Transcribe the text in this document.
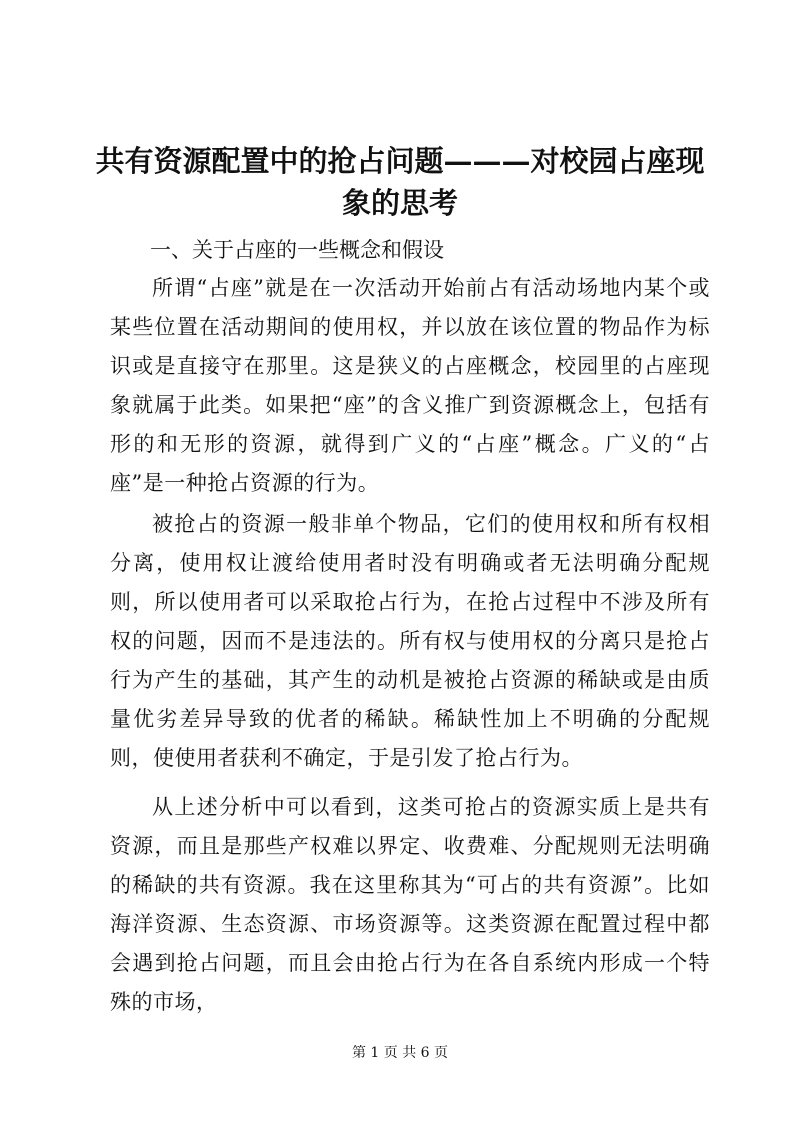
共有资源配置中的抢占问题———对校园占座现象的思考

一、关于占座的一些概念和假设

所谓“占座”就是在一次活动开始前占有活动场地内某个或某些位置在活动期间的使用权，并以放在该位置的物品作为标识或是直接守在那里。这是狭义的占座概念，校园里的占座现象就属于此类。如果把“座”的含义推广到资源概念上，包括有形的和无形的资源，就得到广义的“占座”概念。广义的“占座”是一种抢占资源的行为。

被抢占的资源一般非单个物品，它们的使用权和所有权相分离，使用权让渡给使用者时没有明确或者无法明确分配规则，所以使用者可以采取抢占行为，在抢占过程中不涉及所有权的问题，因而不是违法的。所有权与使用权的分离只是抢占行为产生的基础，其产生的动机是被抢占资源的稀缺或是由质量优劣差异导致的优者的稀缺。稀缺性加上不明确的分配规则，使使用者获利不确定，于是引发了抢占行为。

从上述分析中可以看到，这类可抢占的资源实质上是共有资源，而且是那些产权难以界定、收费难、分配规则无法明确的稀缺的共有资源。我在这里称其为“可占的共有资源”。比如海洋资源、生态资源、市场资源等。这类资源在配置过程中都会遇到抢占问题，而且会由抢占行为在各自系统内形成一个特殊的市场，

第 1 页 共 6 页
